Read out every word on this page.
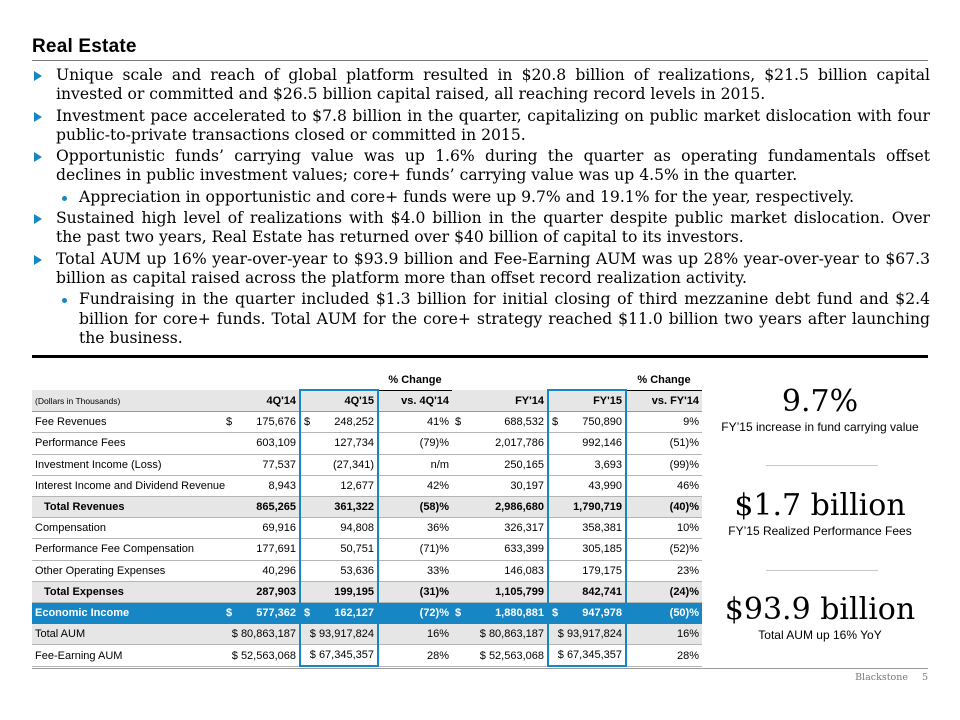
Real Estate
Unique scale and reach of global platform resulted in $20.8 billion of realizations, $21.5 billion capital invested or committed and $26.5 billion capital raised, all reaching record levels in 2015.
Investment pace accelerated to $7.8 billion in the quarter, capitalizing on public market dislocation with four public-to-private transactions closed or committed in 2015.
Opportunistic funds’ carrying value was up 1.6% during the quarter as operating fundamentals offset declines in public investment values; core+ funds’ carrying value was up 4.5% in the quarter.
Appreciation in opportunistic and core+ funds were up 9.7% and 19.1% for the year, respectively.
Sustained high level of realizations with $4.0 billion in the quarter despite public market dislocation. Over the past two years, Real Estate has returned over $40 billion of capital to its investors.
Total AUM up 16% year-over-year to $93.9 billion and Fee-Earning AUM was up 28% year-over-year to $67.3 billion as capital raised across the platform more than offset record realization activity.
Fundraising in the quarter included $1.3 billion for initial closing of third mezzanine debt fund and $2.4 billion for core+ funds. Total AUM for the core+ strategy reached $11.0 billion two years after launching the business.
			% Change			% Change
(Dollars in Thousands)	4Q'14	4Q'15	vs. 4Q'14	FY'14	FY'15	vs. FY'14
Fee Revenues	$ 175,676	$ 248,252	41%	$ 688,532	$ 750,890	9%
Performance Fees	603,109	127,734	(79)%	2,017,786	992,146	(51)%
Investment Income (Loss)	77,537	(27,341)	n/m	250,165	3,693	(99)%
Interest Income and Dividend Revenue	8,943	12,677	42%	30,197	43,990	46%
Total Revenues	865,265	361,322	(58)%	2,986,680	1,790,719	(40)%
Compensation	69,916	94,808	36%	326,317	358,381	10%
Performance Fee Compensation	177,691	50,751	(71)%	633,399	305,185	(52)%
Other Operating Expenses	40,296	53,636	33%	146,083	179,175	23%
Total Expenses	287,903	199,195	(31)%	1,105,799	842,741	(24)%
Economic Income	$ 577,362	$ 162,127	(72)%	$ 1,880,881	$ 947,978	(50)%
Total AUM	$ 80,863,187	$ 93,917,824	16%	$ 80,863,187	$ 93,917,824	16%
Fee-Earning AUM	$ 52,563,068	$ 67,345,357	28%	$ 52,563,068	$ 67,345,357	28%
9.7%
FY’15 increase in fund carrying value
$1.7 billion
FY’15 Realized Performance Fees
$93.9 billion
Total AUM up 16% YoY
Blackstone 5
